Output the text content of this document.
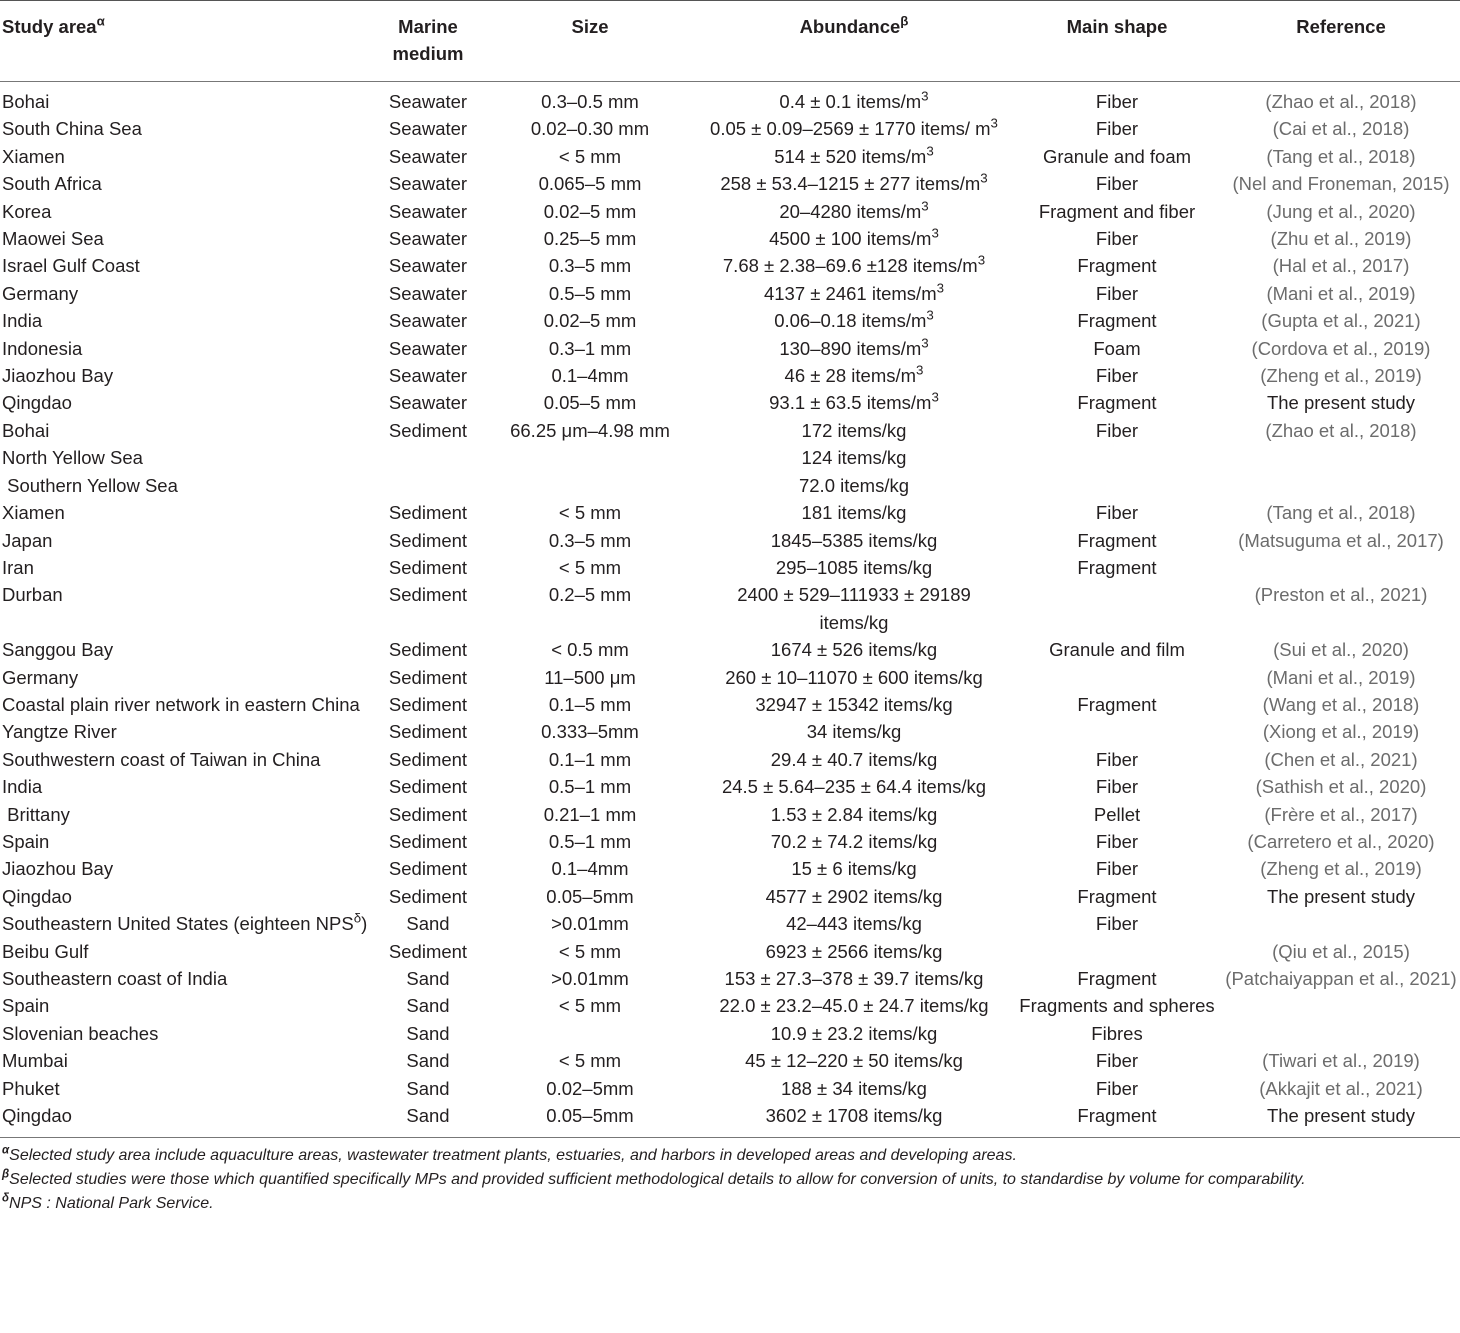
Study area$^\alpha$	Marine medium	Size	Abundance$^\beta$	Main shape	Reference
Bohai	Seawater	0.3–0.5 mm	0.4 ± 0.1 items/$m^3$	Fiber	(Zhao et al., 2018)
South China Sea	Seawater	0.02–0.30 mm	0.05 ± 0.09–2569 ± 1770 items/ $m^3$	Fiber	(Cai et al., 2018)
Xiamen	Seawater	< 5 mm	514 ± 520 items/$m^3$	Granule and foam	(Tang et al., 2018)
South Africa	Seawater	0.065–5 mm	258 ± 53.4–1215 ± 277 items/$m^3$	Fiber	(Nel and Froneman, 2015)
Korea	Seawater	0.02–5 mm	20–4280 items/$m^3$	Fragment and fiber	(Jung et al., 2020)
Maowei Sea	Seawater	0.25–5 mm	4500 ± 100 items/$m^3$	Fiber	(Zhu et al., 2019)
Israel Gulf Coast	Seawater	0.3–5 mm	7.68 ± 2.38–69.6 ±128 items/$m^3$	Fragment	(Hal et al., 2017)
Germany	Seawater	0.5–5 mm	4137 ± 2461 items/$m^3$	Fiber	(Mani et al., 2019)
India	Seawater	0.02–5 mm	0.06–0.18 items/$m^3$	Fragment	(Gupta et al., 2021)
Indonesia	Seawater	0.3–1 mm	130–890 items/$m^3$	Foam	(Cordova et al., 2019)
Jiaozhou Bay	Seawater	0.1–4mm	46 ± 28 items/$m^3$	Fiber	(Zheng et al., 2019)
Qingdao	Seawater	0.05–5 mm	93.1 ± 63.5 items/$m^3$	Fragment	The present study
Bohai	Sediment	66.25 μm–4.98 mm	172 items/kg	Fiber	(Zhao et al., 2018)
North Yellow Sea			124 items/kg		
Southern Yellow Sea			72.0 items/kg		
Xiamen	Sediment	< 5 mm	181 items/kg	Fiber	(Tang et al., 2018)
Japan	Sediment	0.3–5 mm	1845–5385 items/kg	Fragment	(Matsuguma et al., 2017)
Iran	Sediment	< 5 mm	295–1085 items/kg	Fragment	
Durban	Sediment	0.2–5 mm	2400 ± 529–111933 ± 29189 items/kg		(Preston et al., 2021)
Sanggou Bay	Sediment	< 0.5 mm	1674 ± 526 items/kg	Granule and film	(Sui et al., 2020)
Germany	Sediment	11–500 μm	260 ± 10–11070 ± 600 items/kg		(Mani et al., 2019)
Coastal plain river network in eastern China	Sediment	0.1–5 mm	32947 ± 15342 items/kg	Fragment	(Wang et al., 2018)
Yangtze River	Sediment	0.333–5mm	34 items/kg		(Xiong et al., 2019)
Southwestern coast of Taiwan in China	Sediment	0.1–1 mm	29.4 ± 40.7 items/kg	Fiber	(Chen et al., 2021)
India	Sediment	0.5–1 mm	24.5 ± 5.64–235 ± 64.4 items/kg	Fiber	(Sathish et al., 2020)
Brittany	Sediment	0.21–1 mm	1.53 ± 2.84 items/kg	Pellet	(Frère et al., 2017)
Spain	Sediment	0.5–1 mm	70.2 ± 74.2 items/kg	Fiber	(Carretero et al., 2020)
Jiaozhou Bay	Sediment	0.1–4mm	15 ± 6 items/kg	Fiber	(Zheng et al., 2019)
Qingdao	Sediment	0.05–5mm	4577 ± 2902 items/kg	Fragment	The present study
Southeastern United States (eighteen $NPS^\delta$)	Sand	>0.01mm	42–443 items/kg	Fiber	
Beibu Gulf	Sediment	< 5 mm	6923 ± 2566 items/kg		(Qiu et al., 2015)
Southeastern coast of India	Sand	>0.01mm	153 ± 27.3–378 ± 39.7 items/kg	Fragment	(Patchaiyappan et al., 2021)
Spain	Sand	< 5 mm	22.0 ± 23.2–45.0 ± 24.7 items/kg	Fragments and spheres	
Slovenian beaches	Sand		10.9 ± 23.2 items/kg	Fibres	
Mumbai	Sand	< 5 mm	45 ± 12–220 ± 50 items/kg	Fiber	(Tiwari et al., 2019)
Phuket	Sand	0.02–5mm	188 ± 34 items/kg	Fiber	(Akkajit et al., 2021)
Qingdao	Sand	0.05–5mm	3602 ± 1708 items/kg	Fragment	The present study
$^\alpha$Selected study area include aquaculture areas, wastewater treatment plants, estuaries, and harbors in developed areas and developing areas.
$^\beta$Selected studies were those which quantified specifically MPs and provided sufficient methodological details to allow for conversion of units, to standardise by volume for comparability.
$^\delta$NPS : National Park Service.
